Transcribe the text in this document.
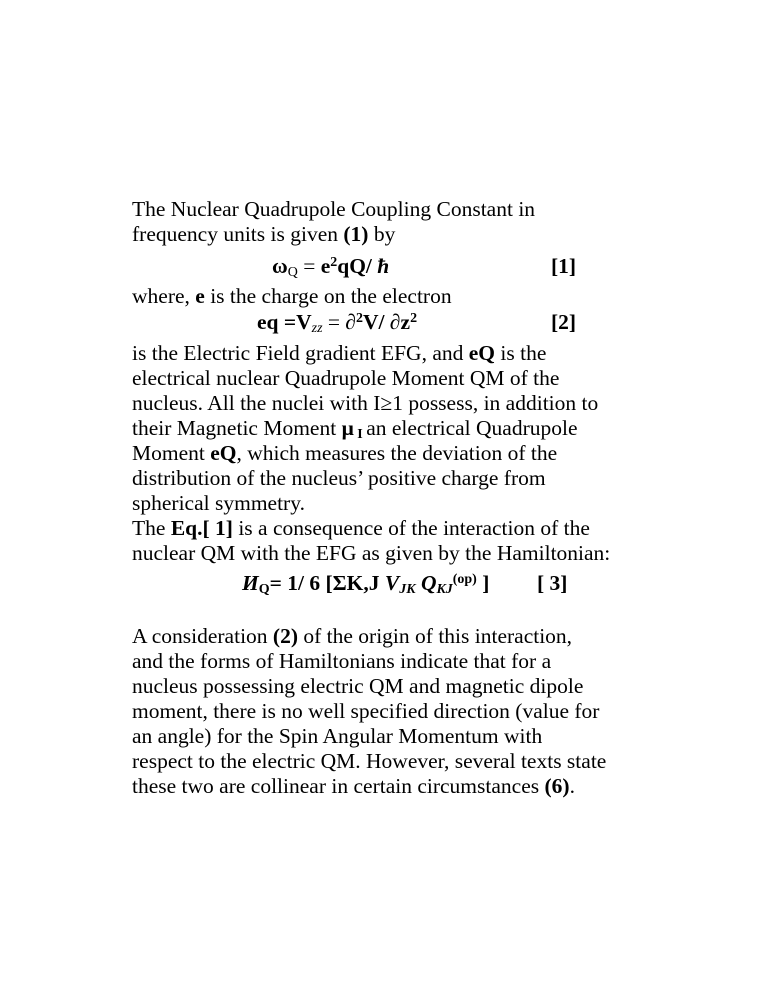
The Nuclear Quadrupole Coupling Constant in
frequency units is given (1) by
$\omega_Q = e^2qQ/$ ħ	[1]
where, e is the charge on the electron
eq $=V_{zz} = \partial^2V/$ $\partial z^2$	[2]
is the Electric Field gradient EFG, and eQ is the
electrical nuclear Quadrupole Moment QM of the
nucleus. All the nuclei with I≥1 possess, in addition to
their Magnetic Moment μ $_I$ an electrical Quadrupole
Moment eQ, which measures the deviation of the
distribution of the nucleus’ positive charge from
spherical symmetry.
The Eq.[ 1] is a consequence of the interaction of the
nuclear QM with the EFG as given by the Hamiltonian:
$И_Q= 1/$ 6 [ΣK,J $V_{JK}$ $Q_{KJ}^{(op)}$ ] [ 3]
A consideration (2) of the origin of this interaction,
and the forms of Hamiltonians indicate that for a
nucleus possessing electric QM and magnetic dipole
moment, there is no well specified direction (value for
an angle) for the Spin Angular Momentum with
respect to the electric QM. However, several texts state
these two are collinear in certain circumstances (6).
